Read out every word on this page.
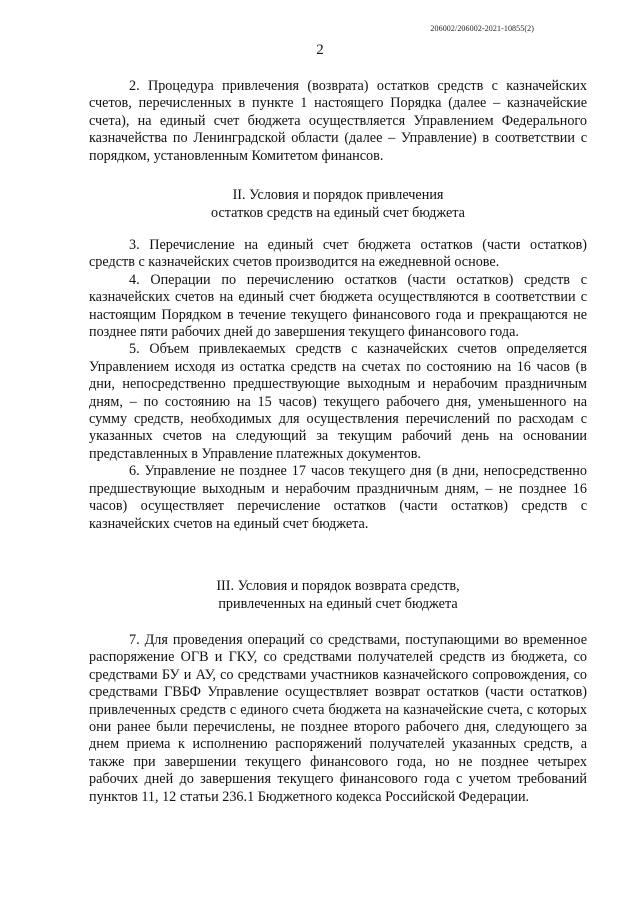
206002/206002-2021-10855(2)
2

2. Процедура привлечения (возврата) остатков средств с казначейских счетов, перечисленных в пункте 1 настоящего Порядка (далее – казначейские счета), на единый счет бюджета осуществляется Управлением Федерального казначейства по Ленинградской области (далее – Управление) в соответствии с порядком, установленным Комитетом финансов.

II. Условия и порядок привлечения

остатков средств на единый счет бюджета

3. Перечисление на единый счет бюджета остатков (части остатков) средств с казначейских счетов производится на ежедневной основе.

4. Операции по перечислению остатков (части остатков) средств с казначейских счетов на единый счет бюджета осуществляются в соответствии с настоящим Порядком в течение текущего финансового года и прекращаются не позднее пяти рабочих дней до завершения текущего финансового года.

5. Объем привлекаемых средств с казначейских счетов определяется Управлением исходя из остатка средств на счетах по состоянию на 16 часов (в дни, непосредственно предшествующие выходным и нерабочим праздничным дням, – по состоянию на 15 часов) текущего рабочего дня, уменьшенного на сумму средств, необходимых для осуществления перечислений по расходам с указанных счетов на следующий за текущим рабочий день на основании представленных в Управление платежных документов.

6. Управление не позднее 17 часов текущего дня (в дни, непосредственно предшествующие выходным и нерабочим праздничным дням, – не позднее 16 часов) осуществляет перечисление остатков (части остатков) средств с казначейских счетов на единый счет бюджета.

III. Условия и порядок возврата средств,

привлеченных на единый счет бюджета

7. Для проведения операций со средствами, поступающими во временное распоряжение ОГВ и ГКУ, со средствами получателей средств из бюджета, со средствами БУ и АУ, со средствами участников казначейского сопровождения, со средствами ГВБФ Управление осуществляет возврат остатков (части остатков) привлеченных средств с единого счета бюджета на казначейские счета, с которых они ранее были перечислены, не позднее второго рабочего дня, следующего за днем приема к исполнению распоряжений получателей указанных средств, а также при завершении текущего финансового года, но не позднее четырех рабочих дней до завершения текущего финансового года с учетом требований пунктов 11, 12 статьи 236.1 Бюджетного кодекса Российской Федерации.
